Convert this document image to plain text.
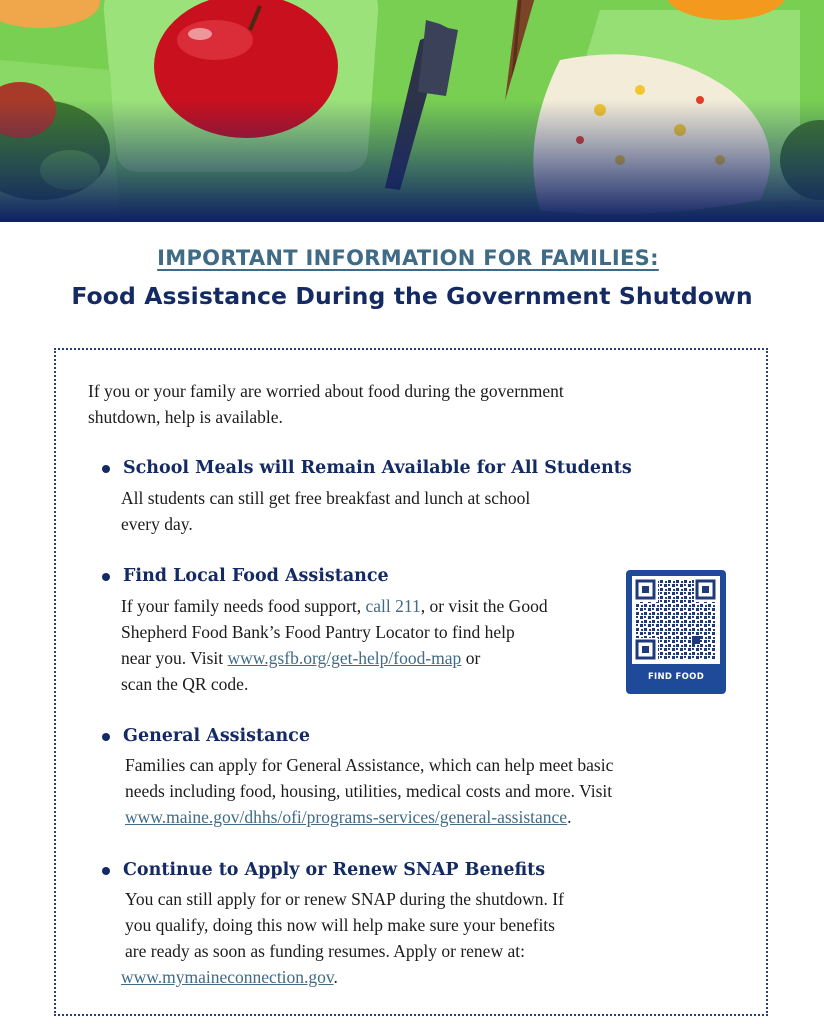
IMPORTANT INFORMATION FOR FAMILIES:
Food Assistance During the Government Shutdown
If you or your family are worried about food during the government
shutdown, help is available.
School Meals will Remain Available for All Students
All students can still get free breakfast and lunch at school
every day.
Find Local Food Assistance
If your family needs food support, call 211, or visit the Good
Shepherd Food Bank’s Food Pantry Locator to find help
near you. Visit www.gsfb.org/get-help/food-map or
scan the QR code.	FIND FOOD
General Assistance
Families can apply for General Assistance, which can help meet basic
needs including food, housing, utilities, medical costs and more. Visit
www.maine.gov/dhhs/ofi/programs-services/general-assistance.
Continue to Apply or Renew SNAP Benefits
You can still apply for or renew SNAP during the shutdown. If
you qualify, doing this now will help make sure your benefits
are ready as soon as funding resumes. Apply or renew at:
www.mymaineconnection.gov.
